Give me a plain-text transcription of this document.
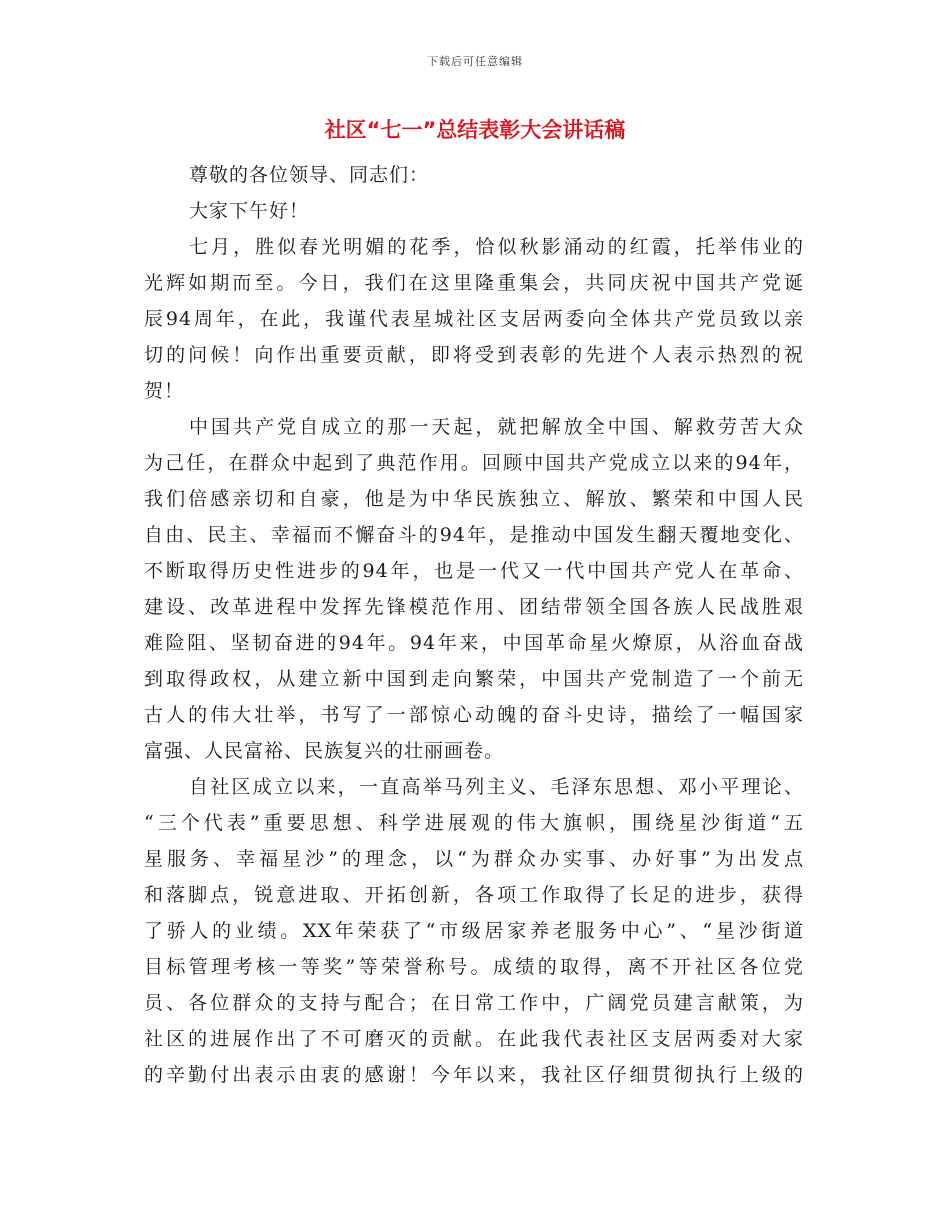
下载后可任意编辑
社区“七一”总结表彰大会讲话稿
尊敬的各位领导、同志们：
大家下午好！
七月，胜似春光明媚的花季，恰似秋影涌动的红霞，托举伟业的
光辉如期而至。今日，我们在这里隆重集会，共同庆祝中国共产党诞
辰94周年，在此，我谨代表星城社区支居两委向全体共产党员致以亲
切的问候！向作出重要贡献，即将受到表彰的先进个人表示热烈的祝
贺！
中国共产党自成立的那一天起，就把解放全中国、解救劳苦大众
为己任，在群众中起到了典范作用。回顾中国共产党成立以来的94年，
我们倍感亲切和自豪，他是为中华民族独立、解放、繁荣和中国人民
自由、民主、幸福而不懈奋斗的94年，是推动中国发生翻天覆地变化、
不断取得历史性进步的94年，也是一代又一代中国共产党人在革命、
建设、改革进程中发挥先锋模范作用、团结带领全国各族人民战胜艰
难险阻、坚韧奋进的94年。94年来，中国革命星火燎原，从浴血奋战
到取得政权，从建立新中国到走向繁荣，中国共产党制造了一个前无
古人的伟大壮举，书写了一部惊心动魄的奋斗史诗，描绘了一幅国家
富强、人民富裕、民族复兴的壮丽画卷。
自社区成立以来，一直高举马列主义、毛泽东思想、邓小平理论、
“三个代表”重要思想、科学进展观的伟大旗帜，围绕星沙街道“五
星服务、幸福星沙”的理念，以“为群众办实事、办好事”为出发点
和落脚点，锐意进取、开拓创新，各项工作取得了长足的进步，获得
了骄人的业绩。XX年荣获了“市级居家养老服务中心”、“星沙街道
目标管理考核一等奖”等荣誉称号。成绩的取得，离不开社区各位党
员、各位群众的支持与配合；在日常工作中，广阔党员建言献策，为
社区的进展作出了不可磨灭的贡献。在此我代表社区支居两委对大家
的辛勤付出表示由衷的感谢！今年以来，我社区仔细贯彻执行上级的
